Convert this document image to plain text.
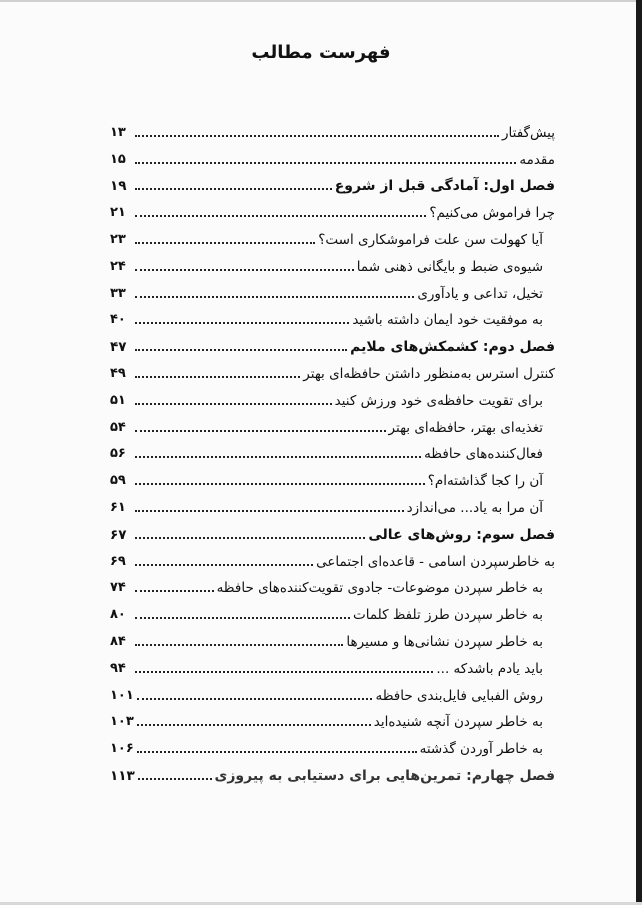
فهرست مطالب
پیش‌گفتار
۱۳
مقدمه
۱۵
فصل اول: آمادگی قبل از شروع
۱۹
چرا فراموش می‌کنیم؟
۲۱
آیا کهولت سن علت فراموشکاری است؟
۲۳
شیوه‌ی ضبط و بایگانی ذهنی شما
۲۴
تخیل، تداعی و یادآوری
۳۳
به موفقیت خود ایمان داشته باشید
۴۰
فصل دوم: کشمکش‌های ملایم
۴۷
کنترل استرس به‌منظور داشتن حافظه‌ای بهتر
۴۹
برای تقویت حافظه‌ی خود ورزش کنید
۵۱
تغذیه‌ای بهتر، حافظه‌ای بهتر
۵۴
فعال‌کننده‌های حافظه
۵۶
آن را کجا گذاشته‌ام؟
۵۹
آن مرا به یاد... می‌اندازد
۶۱
فصل سوم: روش‌های عالی
۶۷
به خاطرسپردن اسامی - قاعده‌ای اجتماعی
۶۹
به خاطر سپردن موضوعات- جادوی تقویت‌کننده‌های حافظه
۷۴
به خاطر سپردن طرز تلفظ کلمات
۸۰
به خاطر سپردن نشانی‌ها و مسیرها
۸۴
باید یادم باشدکه ...
۹۴
روش الفبایی فایل‌بندی حافظه
۱۰۱
به خاطر سپردن آنچه شنیده‌اید
۱۰۳
به خاطر آوردن گذشته
۱۰۶
فصل چهارم: تمرین‌هایی برای دستیابی به پیروزی
۱۱۳
